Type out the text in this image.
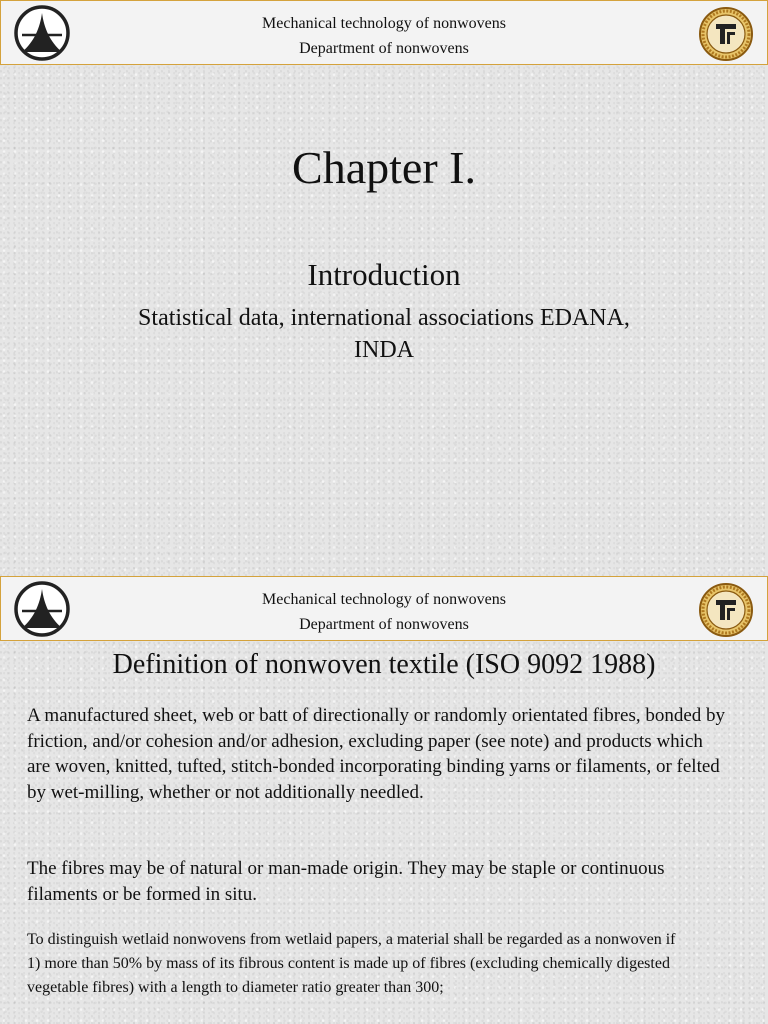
Mechanical technology of nonwovens
Department of nonwovens
Chapter I.
Introduction
Statistical data, international associations EDANA, INDA
Mechanical technology of nonwovens
Department of nonwovens
Definition of nonwoven textile (ISO 9092 1988)
A manufactured sheet, web or batt of directionally or randomly orientated fibres, bonded by friction, and/or cohesion and/or adhesion, excluding paper (see note) and products which are woven, knitted, tufted, stitch-bonded incorporating binding yarns or filaments, or felted by wet-milling, whether or not additionally needled.
The fibres may be of natural or man-made origin. They may be staple or continuous filaments or be formed in situ.
To distinguish wetlaid nonwovens from wetlaid papers, a material shall be regarded as a nonwoven if
1) more than 50% by mass of its fibrous content is made up of fibres (excluding chemically digested vegetable fibres) with a length to diameter ratio greater than 300;
